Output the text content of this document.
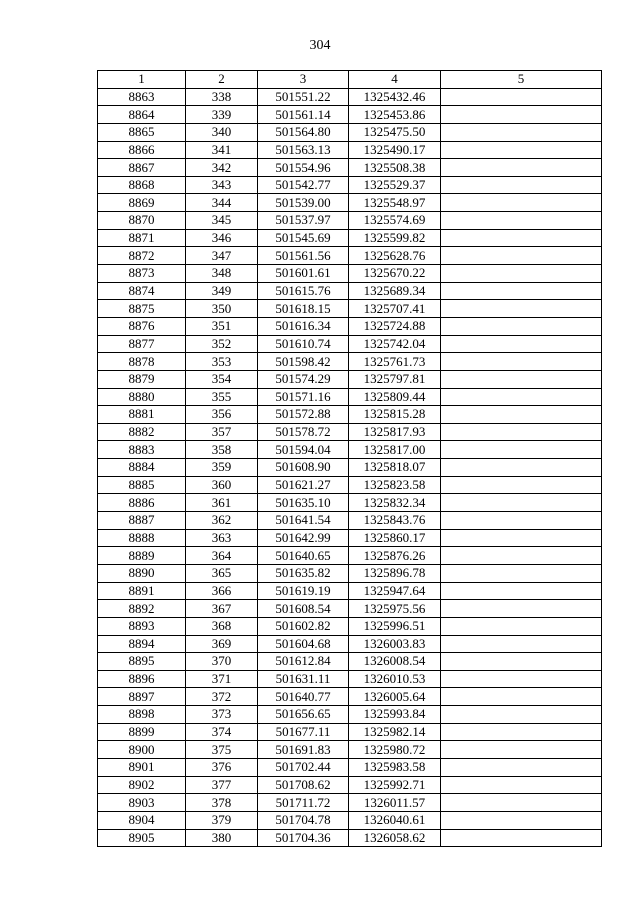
304
1	2	3	4	5
8863	338	501551.22	1325432.46	
8864	339	501561.14	1325453.86	
8865	340	501564.80	1325475.50	
8866	341	501563.13	1325490.17	
8867	342	501554.96	1325508.38	
8868	343	501542.77	1325529.37	
8869	344	501539.00	1325548.97	
8870	345	501537.97	1325574.69	
8871	346	501545.69	1325599.82	
8872	347	501561.56	1325628.76	
8873	348	501601.61	1325670.22	
8874	349	501615.76	1325689.34	
8875	350	501618.15	1325707.41	
8876	351	501616.34	1325724.88	
8877	352	501610.74	1325742.04	
8878	353	501598.42	1325761.73	
8879	354	501574.29	1325797.81	
8880	355	501571.16	1325809.44	
8881	356	501572.88	1325815.28	
8882	357	501578.72	1325817.93	
8883	358	501594.04	1325817.00	
8884	359	501608.90	1325818.07	
8885	360	501621.27	1325823.58	
8886	361	501635.10	1325832.34	
8887	362	501641.54	1325843.76	
8888	363	501642.99	1325860.17	
8889	364	501640.65	1325876.26	
8890	365	501635.82	1325896.78	
8891	366	501619.19	1325947.64	
8892	367	501608.54	1325975.56	
8893	368	501602.82	1325996.51	
8894	369	501604.68	1326003.83	
8895	370	501612.84	1326008.54	
8896	371	501631.11	1326010.53	
8897	372	501640.77	1326005.64	
8898	373	501656.65	1325993.84	
8899	374	501677.11	1325982.14	
8900	375	501691.83	1325980.72	
8901	376	501702.44	1325983.58	
8902	377	501708.62	1325992.71	
8903	378	501711.72	1326011.57	
8904	379	501704.78	1326040.61	
8905	380	501704.36	1326058.62	
